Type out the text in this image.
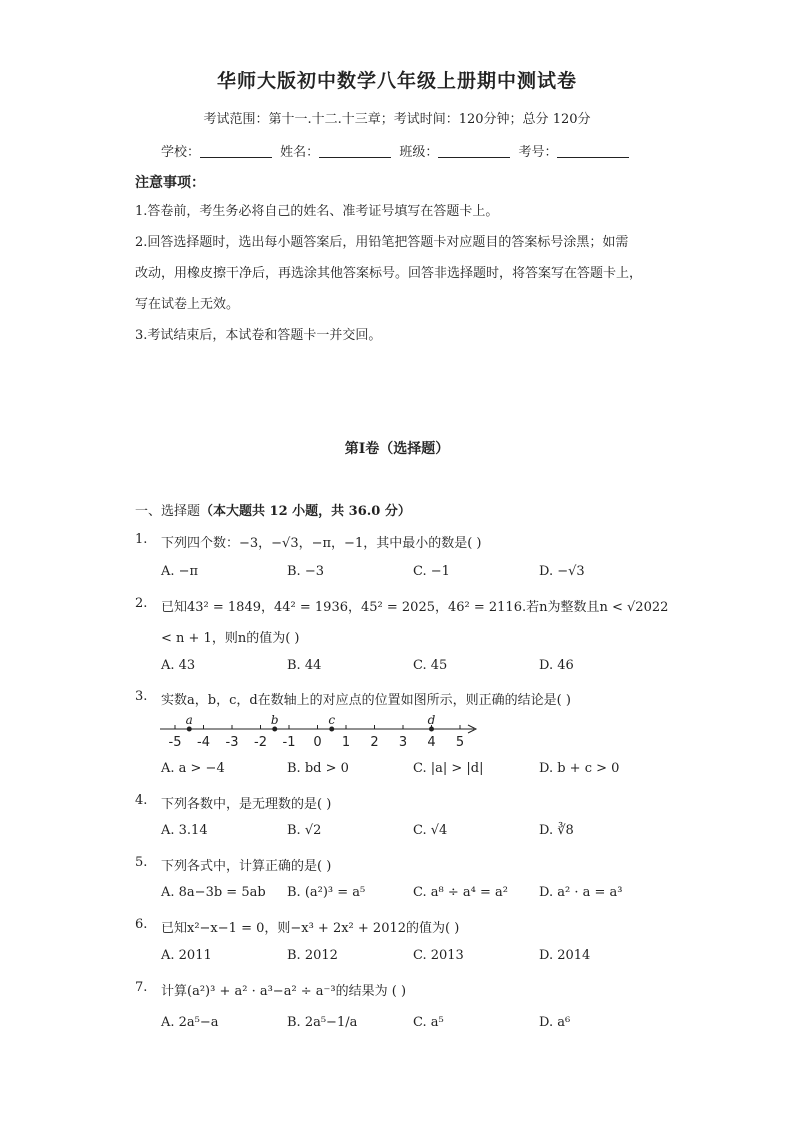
华师大版初中数学八年级上册期中测试卷
考试范围：第十一.十二.十三章；考试时间：120分钟；总分 120分
学校：	姓名：	班级：	考号：
注意事项：
1.答卷前，考生务必将自己的姓名、准考证号填写在答题卡上。
2.回答选择题时，选出每小题答案后，用铅笔把答题卡对应题目的答案标号涂黑；如需
改动，用橡皮擦干净后，再选涂其他答案标号。回答非选择题时，将答案写在答题卡上，
写在试卷上无效。
3.考试结束后，本试卷和答题卡一并交回。
第I卷（选择题）
一、选择题（本大题共 12 小题，共 36.0 分）
1. 下列四个数：−3，−√3，−π，−1，其中最小的数是( )
A. −π	B. −3	C. −1	D. −√3
2. 已知43² = 1849，44² = 1936，45² = 2025，46² = 2116.若n为整数且n < √2022
< n + 1，则n的值为( )
A. 43	B. 44	C. 45	D. 46
3. 实数a，b，c，d在数轴上的对应点的位置如图所示，则正确的结论是( )
-5 -4 -3 -2 -1 0 1 2 3 4 5
a	b	c	d
A. a > −4	B. bd > 0	C. |a| > |d|	D. b + c > 0
4. 下列各数中，是无理数的是( )
A. 3.14	B. √2	C. √4	D. ∛8
5. 下列各式中，计算正确的是( )
A. 8a−3b = 5ab B. (a²)³ = a⁵	C. a⁸ ÷ a⁴ = a² D. a² · a = a³
6. 已知x²−x−1 = 0，则−x³ + 2x² + 2012的值为( )
A. 2011	B. 2012	C. 2013	D. 2014
7. 计算(a²)³ + a² · a³−a² ÷ a⁻³的结果为 ( )
A. 2a⁵−a	B. 2a⁵−1/a	C. a⁵	D. a⁶
